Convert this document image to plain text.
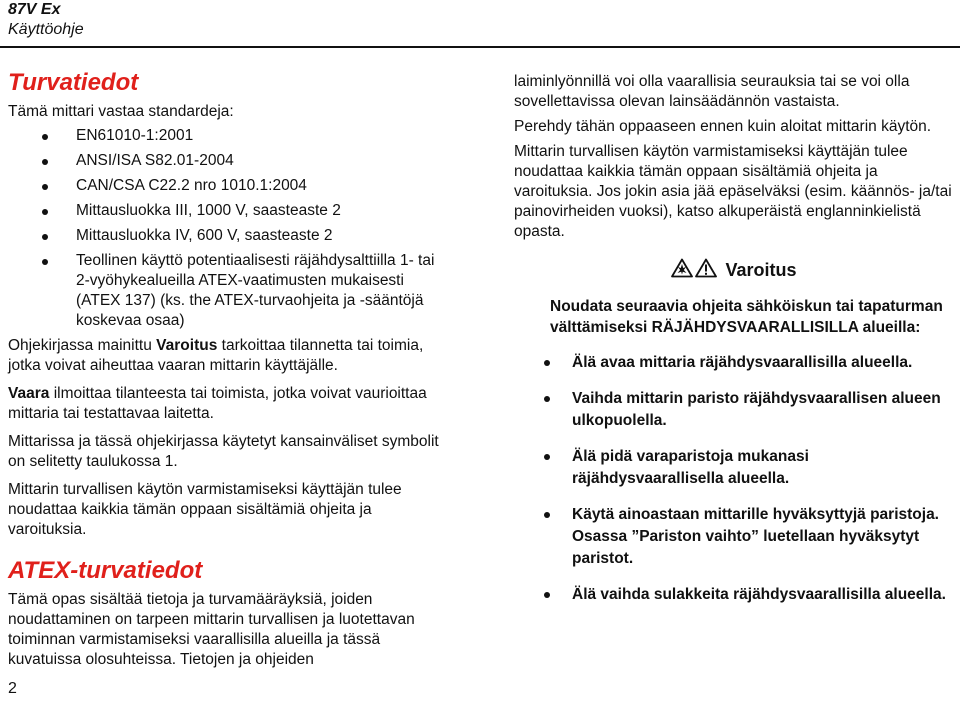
87V Ex
Käyttöohje
Turvatiedot

Tämä mittari vastaa standardeja:

EN61010-1:2001
ANSI/ISA S82.01-2004
CAN/CSA C22.2 nro 1010.1:2004
Mittausluokka III, 1000 V, saasteaste 2
Mittausluokka IV, 600 V, saasteaste 2
Teollinen käyttö potentiaalisesti räjähdysalttiilla 1- tai 2-vyöhykealueilla ATEX-vaatimusten mukaisesti (ATEX 137) (ks. the ATEX-turvaohjeita ja -sääntöjä koskevaa osaa)

Ohjekirjassa mainittu Varoitus tarkoittaa tilannetta tai toimia, jotka voivat aiheuttaa vaaran mittarin käyttäjälle.

Vaara ilmoittaa tilanteesta tai toimista, jotka voivat vaurioittaa mittaria tai testattavaa laitetta.

Mittarissa ja tässä ohjekirjassa käytetyt kansainväliset symbolit on selitetty taulukossa 1.

Mittarin turvallisen käytön varmistamiseksi käyttäjän tulee noudattaa kaikkia tämän oppaan sisältämiä ohjeita ja varoituksia.

ATEX-turvatiedot

Tämä opas sisältää tietoja ja turvamääräyksiä, joiden noudattaminen on tarpeen mittarin turvallisen ja luotettavan toiminnan varmistamiseksi vaarallisilla alueilla ja tässä kuvatuissa olosuhteissa. Tietojen ja ohjeiden

laiminlyönnillä voi olla vaarallisia seurauksia tai se voi olla sovellettavissa olevan lainsäädännön vastaista.

Perehdy tähän oppaaseen ennen kuin aloitat mittarin käytön.

Mittarin turvallisen käytön varmistamiseksi käyttäjän tulee noudattaa kaikkia tämän oppaan sisältämiä ohjeita ja varoituksia. Jos jokin asia jää epäselväksi (esim. käännös- ja/tai painovirheiden vuoksi), katso alkuperäistä englanninkielistä opasta.

Varoitus
Noudata seuraavia ohjeita sähköiskun tai tapaturman välttämiseksi RÄJÄHDYSVAARALLISILLA alueilla:
Älä avaa mittaria räjähdysvaarallisilla alueella.
Vaihda mittarin paristo räjähdysvaarallisen alueen ulkopuolella.
Älä pidä varaparistoja mukanasi räjähdysvaarallisella alueella.
Käytä ainoastaan mittarille hyväksyttyjä paristoja. Osassa ”Pariston vaihto” luetellaan hyväksytyt paristot.
Älä vaihda sulakkeita räjähdysvaarallisilla alueella.
2
